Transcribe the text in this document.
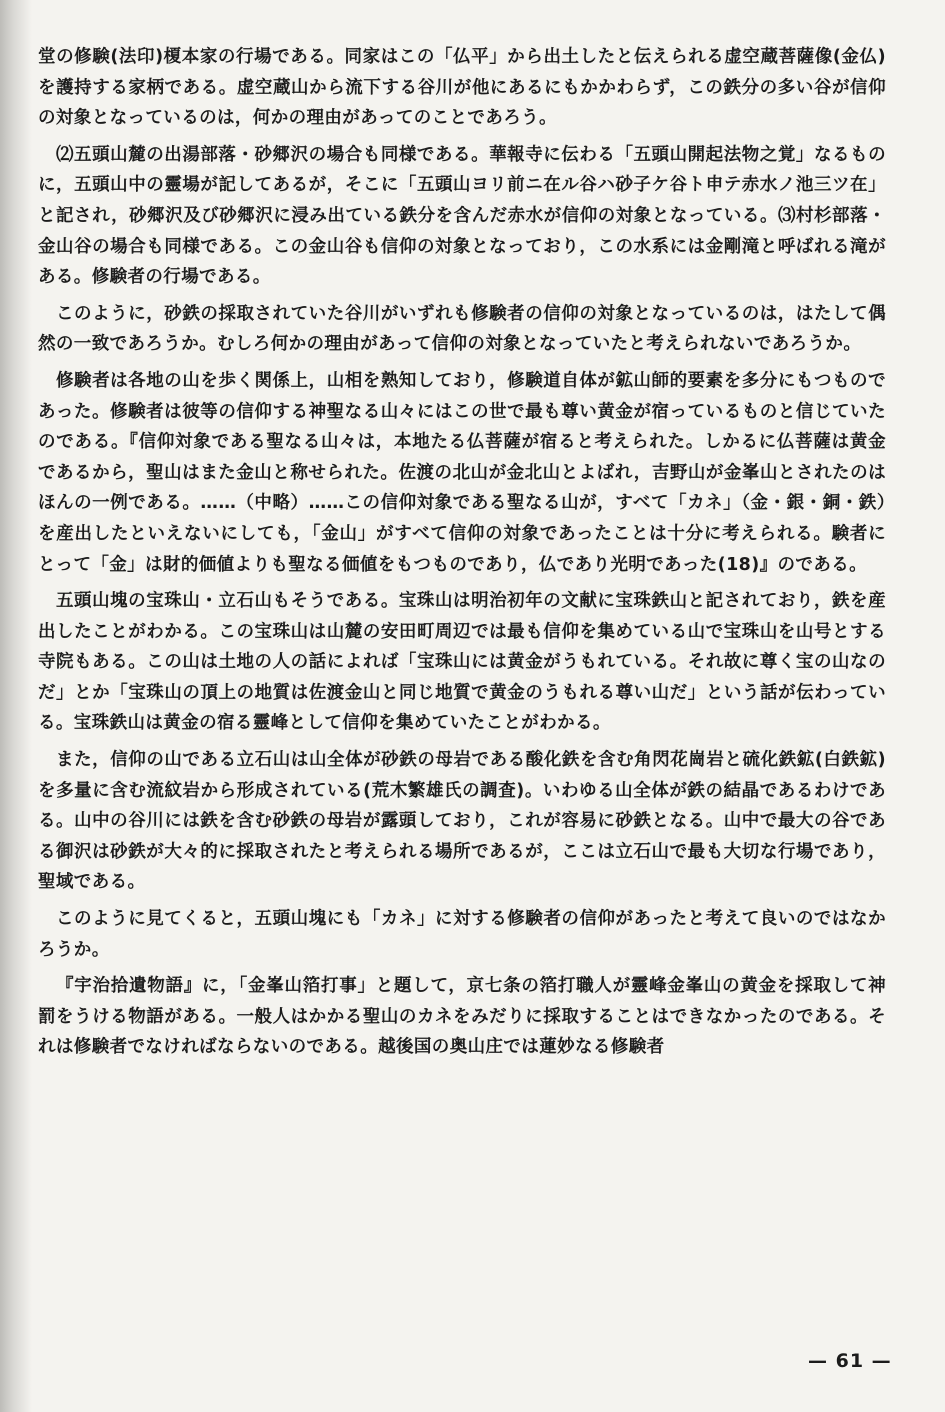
堂の修験(法印)榎本家の行場である。同家はこの「仏平」から出土したと伝えられる虚空蔵菩薩像(金仏)を護持する家柄である。虚空蔵山から流下する谷川が他にあるにもかかわらず，この鉄分の多い谷が信仰の対象となっているのは，何かの理由があってのことであろう。

⑵五頭山麓の出湯部落・砂郷沢の場合も同様である。華報寺に伝わる「五頭山開起法物之覚」なるものに，五頭山中の靈場が記してあるが，そこに「五頭山ヨリ前ニ在ル谷ハ砂子ケ谷ト申テ赤水ノ池三ツ在」と記され，砂郷沢及び砂郷沢に浸み出ている鉄分を含んだ赤水が信仰の対象となっている。⑶村杉部落・金山谷の場合も同様である。この金山谷も信仰の対象となっており，この水系には金剛滝と呼ばれる滝がある。修験者の行場である。

このように，砂鉄の採取されていた谷川がいずれも修験者の信仰の対象となっているのは，はたして偶然の一致であろうか。むしろ何かの理由があって信仰の対象となっていたと考えられないであろうか。

修験者は各地の山を歩く関係上，山相を熟知しており，修験道自体が鉱山師的要素を多分にもつものであった。修験者は彼等の信仰する神聖なる山々にはこの世で最も尊い黄金が宿っているものと信じていたのである。『信仰対象である聖なる山々は，本地たる仏菩薩が宿ると考えられた。しかるに仏菩薩は黄金であるから，聖山はまた金山と称せられた。佐渡の北山が金北山とよばれ，吉野山が金峯山とされたのはほんの一例である。……（中略）……この信仰対象である聖なる山が，すべて「カネ」（金・銀・銅・鉄）を産出したといえないにしても，「金山」がすべて信仰の対象であったことは十分に考えられる。験者にとって「金」は財的価値よりも聖なる価値をもつものであり，仏であり光明であった(18)』のである。

五頭山塊の宝珠山・立石山もそうである。宝珠山は明治初年の文献に宝珠鉄山と記されており，鉄を産出したことがわかる。この宝珠山は山麓の安田町周辺では最も信仰を集めている山で宝珠山を山号とする寺院もある。この山は土地の人の話によれば「宝珠山には黄金がうもれている。それ故に尊く宝の山なのだ」とか「宝珠山の頂上の地質は佐渡金山と同じ地質で黄金のうもれる尊い山だ」という話が伝わっている。宝珠鉄山は黄金の宿る靈峰として信仰を集めていたことがわかる。

また，信仰の山である立石山は山全体が砂鉄の母岩である酸化鉄を含む角閃花崗岩と硫化鉄鉱(白鉄鉱)を多量に含む流紋岩から形成されている(荒木繁雄氏の調査)。いわゆる山全体が鉄の結晶であるわけである。山中の谷川には鉄を含む砂鉄の母岩が露頭しており，これが容易に砂鉄となる。山中で最大の谷である御沢は砂鉄が大々的に採取されたと考えられる場所であるが，ここは立石山で最も大切な行場であり，聖域である。

このように見てくると，五頭山塊にも「カネ」に対する修験者の信仰があったと考えて良いのではなかろうか。

『宇治拾遺物語』に，「金峯山箔打事」と題して，京七条の箔打職人が靈峰金峯山の黄金を採取して神罰をうける物語がある。一般人はかかる聖山のカネをみだりに採取することはできなかったのである。それは修験者でなければならないのである。越後国の奥山庄では蓮妙なる修験者

— 61 —
